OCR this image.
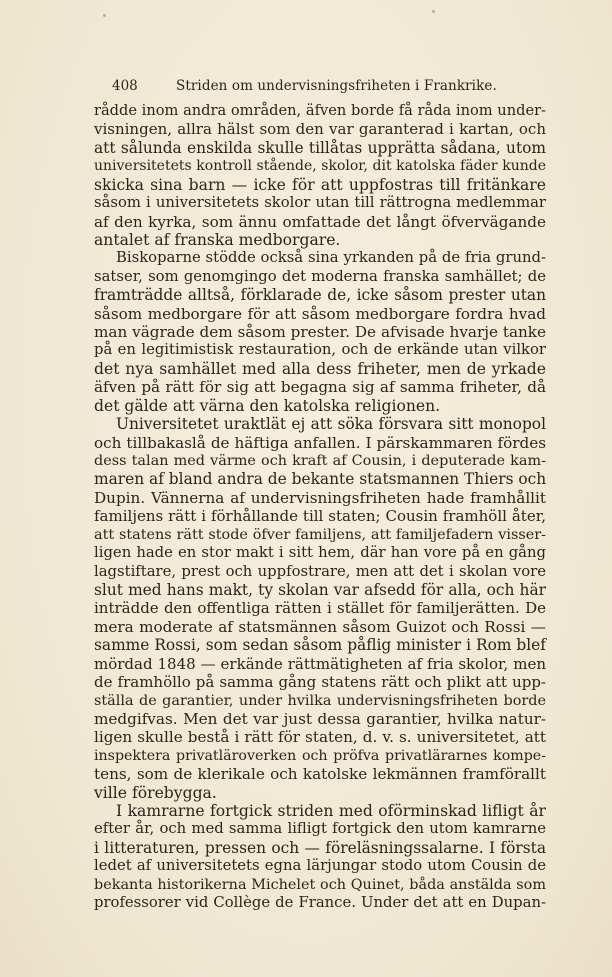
408	Striden om undervisningsfriheten i Frankrike.
rådde inom andra områden, äfven borde få råda inom under-
visningen, allra hälst som den var garanterad i kartan, och
att sålunda enskilda skulle tillåtas upprätta sådana, utom
universitetets kontroll stående, skolor, dit katolska fäder kunde
skicka sina barn — icke för att uppfostras till fritänkare
såsom i universitetets skolor utan till rättrogna medlemmar
af den kyrka, som ännu omfattade det långt öfvervägande
antalet af franska medborgare.
Biskoparne stödde också sina yrkanden på de fria grund-
satser, som genomgingo det moderna franska samhället; de
framträdde alltså, förklarade de, icke såsom prester utan
såsom medborgare för att såsom medborgare fordra hvad
man vägrade dem såsom prester. De afvisade hvarje tanke
på en legitimistisk restauration, och de erkände utan vilkor
det nya samhället med alla dess friheter, men de yrkade
äfven på rätt för sig att begagna sig af samma friheter, då
det gälde att värna den katolska religionen.
Universitetet uraktlät ej att söka försvara sitt monopol
och tillbakaslå de häftiga anfallen. I pärskammaren fördes
dess talan med värme och kraft af Cousin, i deputerade kam-
maren af bland andra de bekante statsmannen Thiers och
Dupin. Vännerna af undervisningsfriheten hade framhållit
familjens rätt i förhållande till staten; Cousin framhöll åter,
att statens rätt stode öfver familjens, att familjefadern visser-
ligen hade en stor makt i sitt hem, där han vore på en gång
lagstiftare, prest och uppfostrare, men att det i skolan vore
slut med hans makt, ty skolan var afsedd för alla, och här
inträdde den offentliga rätten i stället för familjerätten. De
mera moderate af statsmännen såsom Guizot och Rossi —
samme Rossi, som sedan såsom påflig minister i Rom blef
mördad 1848 — erkände rättmätigheten af fria skolor, men
de framhöllo på samma gång statens rätt och plikt att upp-
ställa de garantier, under hvilka undervisningsfriheten borde
medgifvas. Men det var just dessa garantier, hvilka natur-
ligen skulle bestå i rätt för staten, d. v. s. universitetet, att
inspektera privatläroverken och pröfva privatlärarnes kompe-
tens, som de klerikale och katolske lekmännen framförallt
ville förebygga.
I kamrarne fortgick striden med oförminskad lifligt år
efter år, och med samma lifligt fortgick den utom kamrarne
i litteraturen, pressen och — föreläsningssalarne. I första
ledet af universitetets egna lärjungar stodo utom Cousin de
bekanta historikerna Michelet och Quinet, båda anstälda som
professorer vid Collège de France. Under det att en Dupan-
